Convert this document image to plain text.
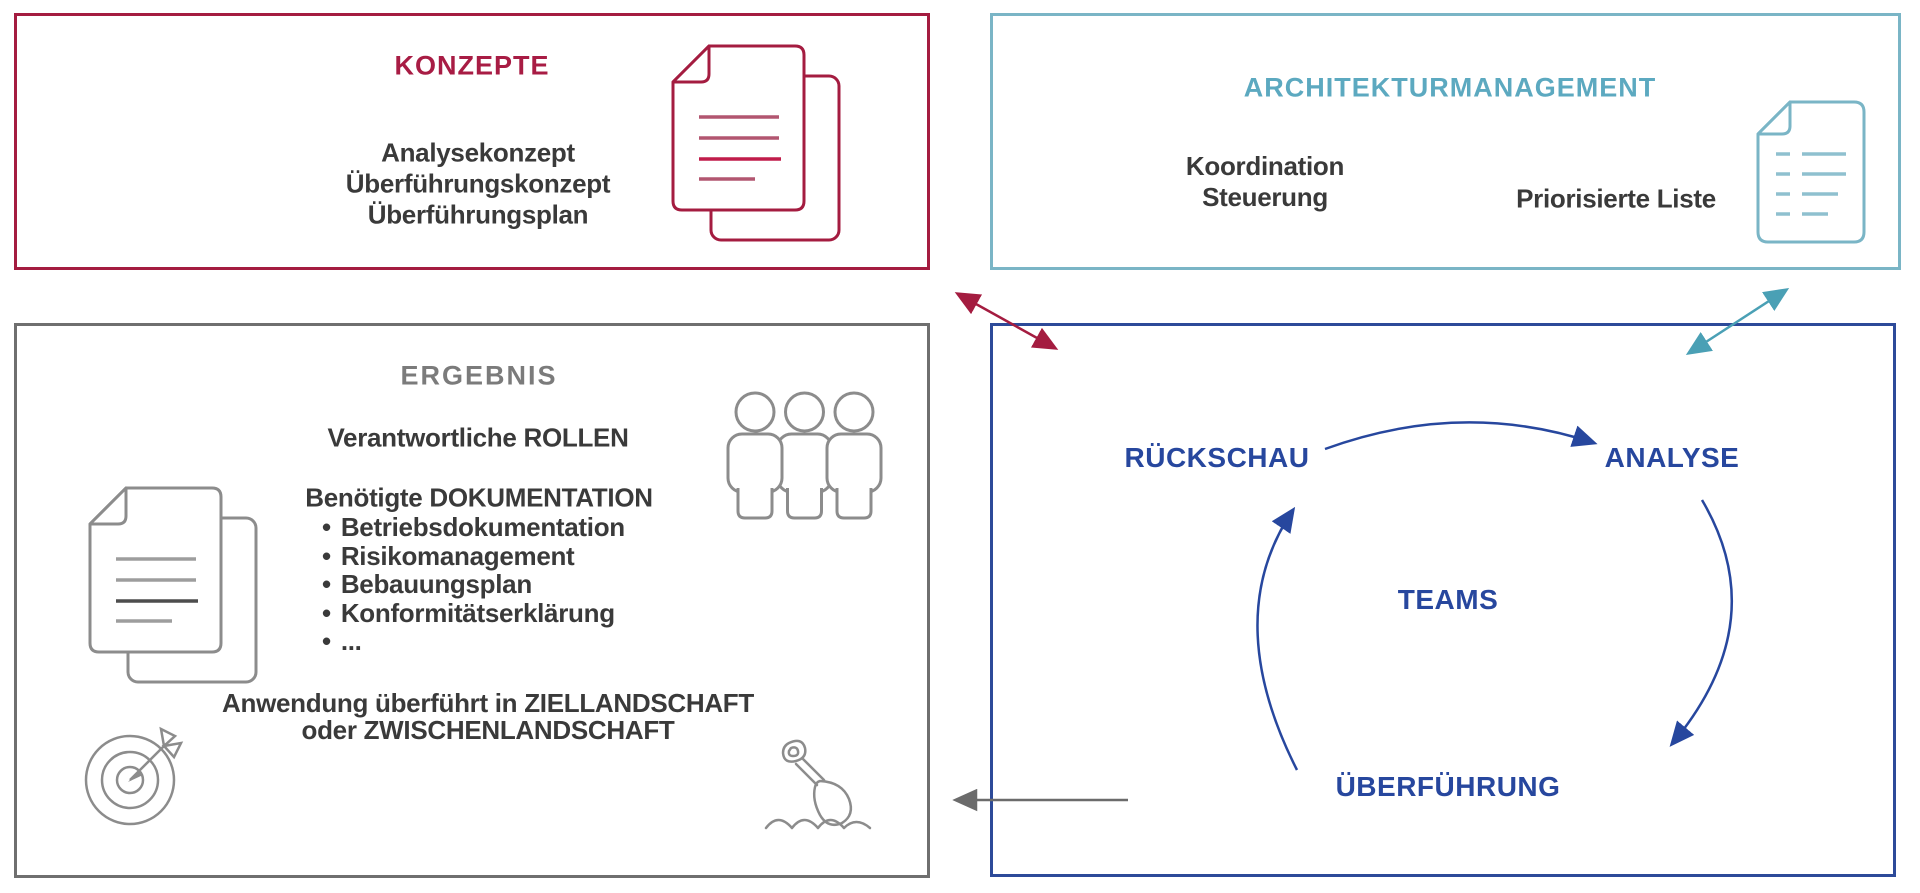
KONZEPTE
Analysekonzept
Überführungskonzept
Überführungsplan
ARCHITEKTURMANAGEMENT
Koordination
Steuerung	Priorisierte Liste
ERGEBNIS
Verantwortliche ROLLEN
Benötigte DOKUMENTATION
• Betriebsdokumentation
• Risikomanagement
• Bebauungsplan
• Konformitätserklärung
• ...
Anwendung überführt in ZIELLANDSCHAFT
oder ZWISCHENLANDSCHAFT
RÜCKSCHAU	ANALYSE
TEAMS
ÜBERFÜHRUNG
